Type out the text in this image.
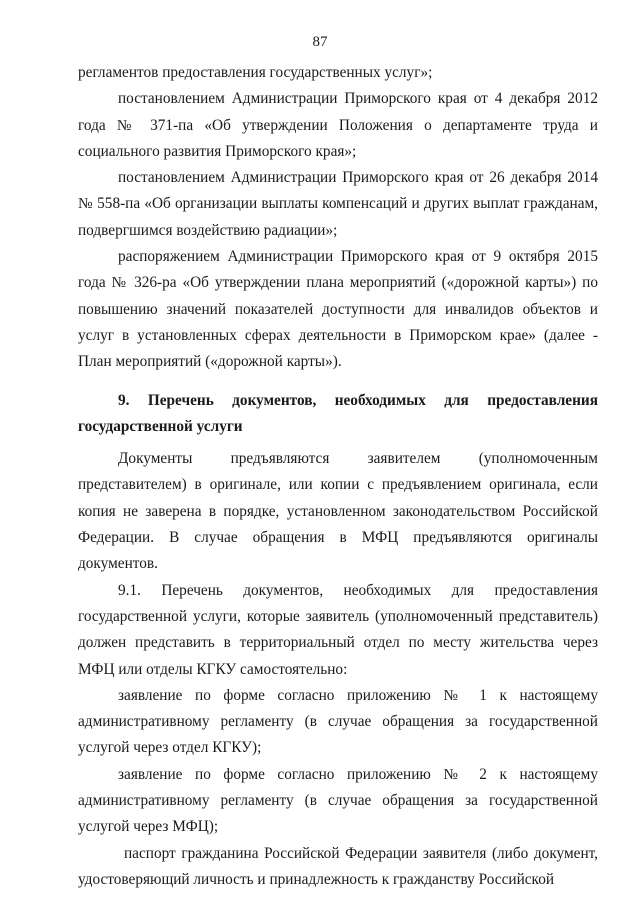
87

регламентов предоставления государственных услуг»;

постановлением Администрации Приморского края от 4 декабря 2012 года № 371-па «Об утверждении Положения о департаменте труда и социального развития Приморского края»;

постановлением Администрации Приморского края от 26 декабря 2014 № 558-па «Об организации выплаты компенсаций и других выплат гражданам, подвергшимся воздействию радиации»;

распоряжением Администрации Приморского края от 9 октября 2015 года № 326-ра «Об утверждении плана мероприятий («дорожной карты») по повышению значений показателей доступности для инвалидов объектов и услуг в установленных сферах деятельности в Приморском крае» (далее - План мероприятий («дорожной карты»).

9. Перечень документов, необходимых для предоставления государственной услуги

Документы предъявляются заявителем (уполномоченным представителем) в оригинале, или копии с предъявлением оригинала, если копия не заверена в порядке, установленном законодательством Российской Федерации. В случае обращения в МФЦ предъявляются оригиналы документов.

9.1. Перечень документов, необходимых для предоставления государственной услуги, которые заявитель (уполномоченный представитель) должен представить в территориальный отдел по месту жительства через МФЦ или отделы КГКУ самостоятельно:

заявление по форме согласно приложению № 1 к настоящему административному регламенту (в случае обращения за государственной услугой через отдел КГКУ);

заявление по форме согласно приложению № 2 к настоящему административному регламенту (в случае обращения за государственной услугой через МФЦ);

паспорт гражданина Российской Федерации заявителя (либо документ, удостоверяющий личность и принадлежность к гражданству Российской
